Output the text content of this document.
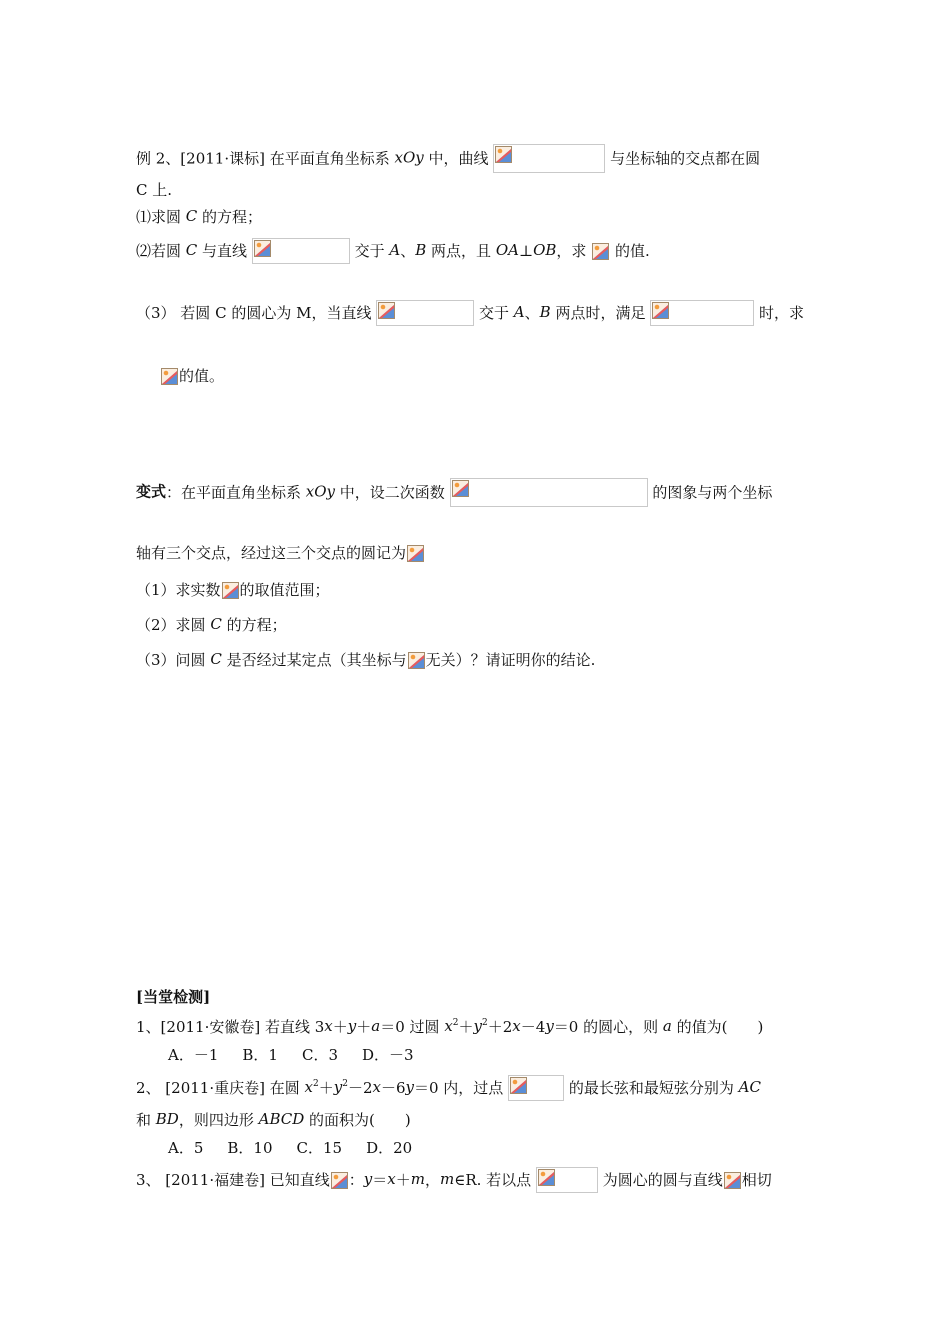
例 2、[2011·课标] 在平面直角坐标系 xOy 中，曲线	与坐标轴的交点都在圆
C 上.
⑴求圆 C 的方程；
⑵若圆 C 与直线	交于 A、B 两点，且 OA⊥OB，求 的值.
（3） 若圆 C 的圆心为 M，当直线	交于 A、B 两点时，满足	时，求
的值。
变式：在平面直角坐标系 xOy 中，设二次函数	的图象与两个坐标
轴有三个交点，经过这三个交点的圆记为
（1）求实数 的取值范围；
（2）求圆 C 的方程；
（3）问圆 C 是否经过某定点（其坐标与 无关）？请证明你的结论.
[当堂检测]
1、[2011·安徽卷] 若直线 3x＋y＋a＝0 过圆 $x^2+y^2+2x-4y=0$ 的圆心，则 a 的值为(　　)
A．－1 B．1 C．3 D．－3
2、 [2011·重庆卷] 在圆 $x^2+y^2-2x-6y=0$ 内，过点	的最长弦和最短弦分别为 AC
和 BD，则四边形 ABCD 的面积为(　　)
A．5 B．10 C．15 D．20
3、 [2011·福建卷] 已知直线 ：y＝x＋m，m∈R. 若以点	为圆心的圆与直线 相切
